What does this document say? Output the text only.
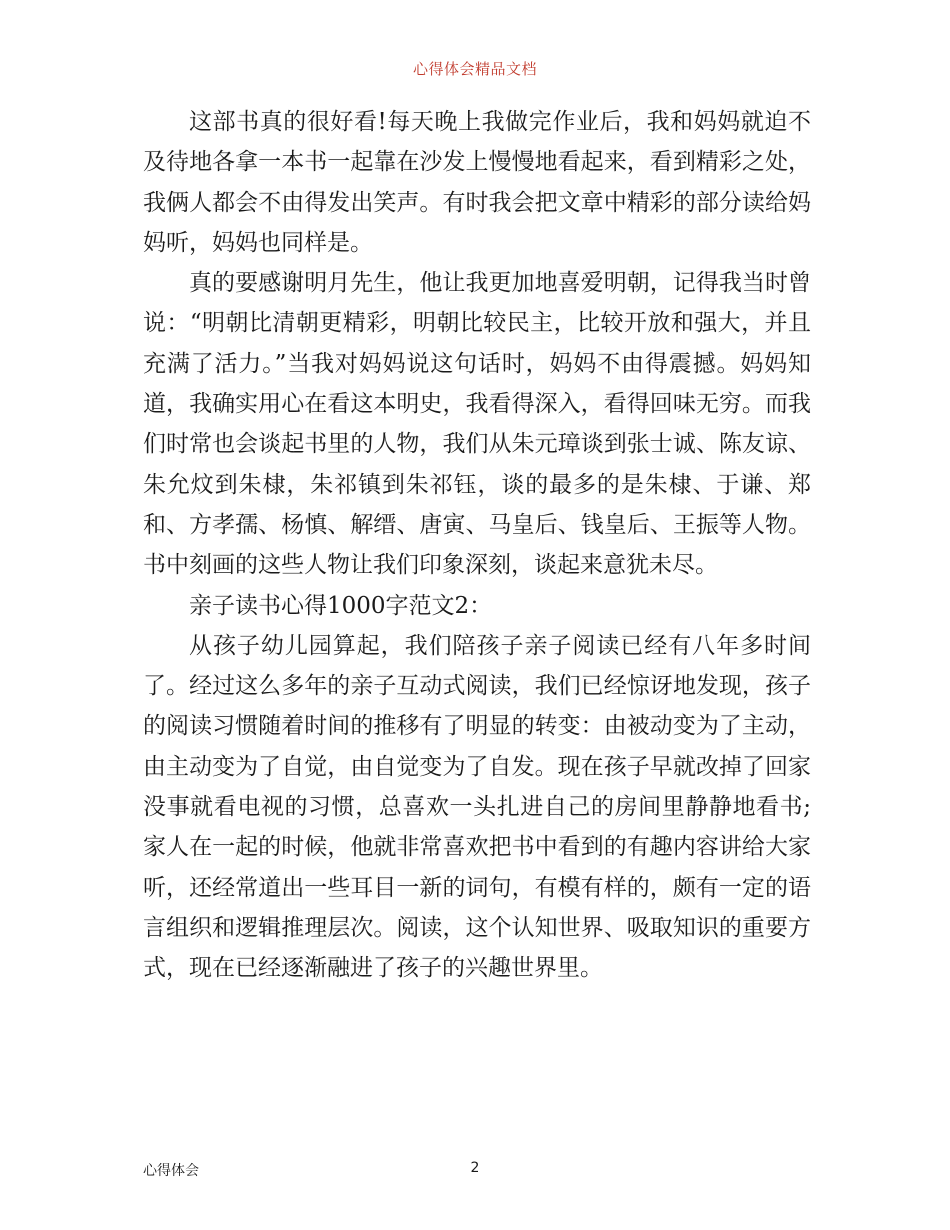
心得体会精品文档

这部书真的很好看!每天晚上我做完作业后，我和妈妈就迫不及待地各拿一本书一起靠在沙发上慢慢地看起来，看到精彩之处，我俩人都会不由得发出笑声。有时我会把文章中精彩的部分读给妈妈听，妈妈也同样是。

真的要感谢明月先生，他让我更加地喜爱明朝，记得我当时曾说：“明朝比清朝更精彩，明朝比较民主，比较开放和强大，并且充满了活力。”当我对妈妈说这句话时，妈妈不由得震撼。妈妈知道，我确实用心在看这本明史，我看得深入，看得回味无穷。而我们时常也会谈起书里的人物，我们从朱元璋谈到张士诚、陈友谅、朱允炆到朱棣，朱祁镇到朱祁钰，谈的最多的是朱棣、于谦、郑和、方孝孺、杨慎、解缙、唐寅、马皇后、钱皇后、王振等人物。书中刻画的这些人物让我们印象深刻，谈起来意犹未尽。

亲子读书心得1000字范文2：

从孩子幼儿园算起，我们陪孩子亲子阅读已经有八年多时间了。经过这么多年的亲子互动式阅读，我们已经惊讶地发现，孩子的阅读习惯随着时间的推移有了明显的转变：由被动变为了主动，由主动变为了自觉，由自觉变为了自发。现在孩子早就改掉了回家没事就看电视的习惯，总喜欢一头扎进自己的房间里静静地看书;家人在一起的时候，他就非常喜欢把书中看到的有趣内容讲给大家听，还经常道出一些耳目一新的词句，有模有样的，颇有一定的语言组织和逻辑推理层次。阅读，这个认知世界、吸取知识的重要方式，现在已经逐渐融进了孩子的兴趣世界里。

心得体会	2
